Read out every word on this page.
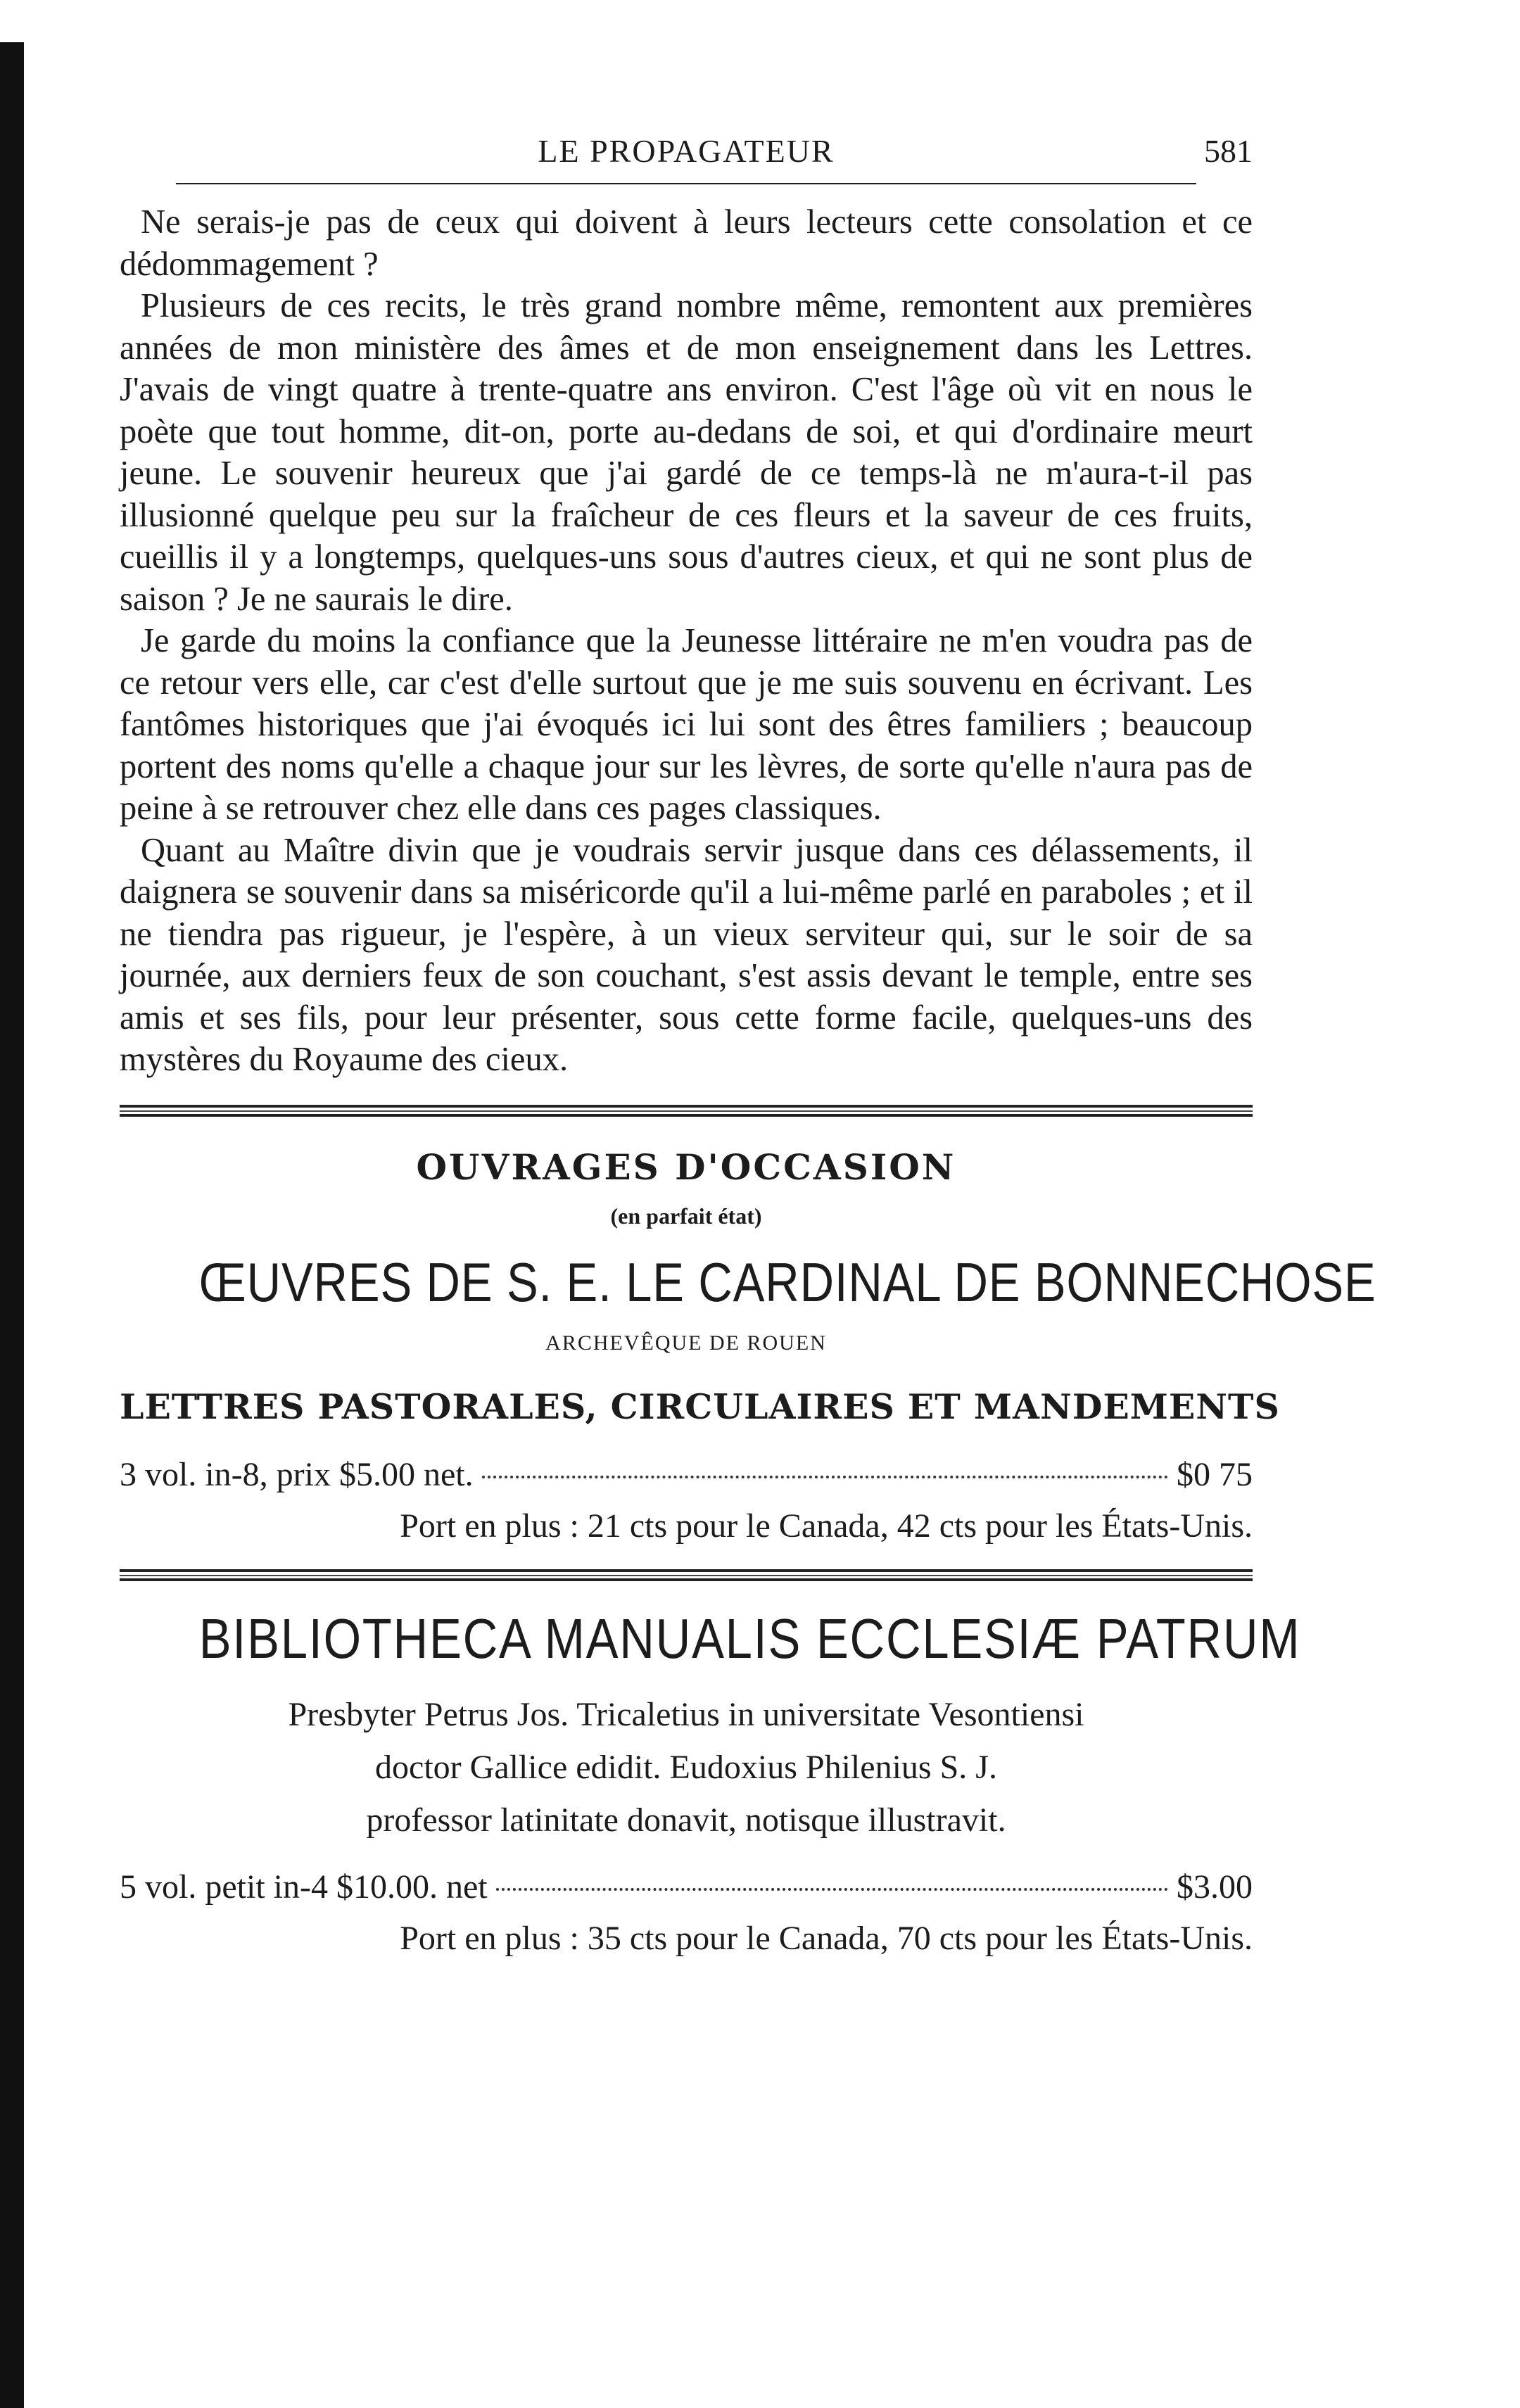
LE PROPAGATEUR	581

Ne serais-je pas de ceux qui doivent à leurs lecteurs cette consolation et ce dédommagement ?

Plusieurs de ces recits, le très grand nombre même, remontent aux premières années de mon ministère des âmes et de mon enseignement dans les Lettres. J'avais de vingt quatre à trente-quatre ans environ. C'est l'âge où vit en nous le poète que tout homme, dit-on, porte au-dedans de soi, et qui d'ordinaire meurt jeune. Le souvenir heureux que j'ai gardé de ce temps-là ne m'aura-t-il pas illusionné quelque peu sur la fraîcheur de ces fleurs et la saveur de ces fruits, cueillis il y a longtemps, quelques-uns sous d'autres cieux, et qui ne sont plus de saison ? Je ne saurais le dire.

Je garde du moins la confiance que la Jeunesse littéraire ne m'en voudra pas de ce retour vers elle, car c'est d'elle surtout que je me suis souvenu en écrivant. Les fantômes historiques que j'ai évoqués ici lui sont des êtres familiers ; beaucoup portent des noms qu'elle a chaque jour sur les lèvres, de sorte qu'elle n'aura pas de peine à se retrouver chez elle dans ces pages classiques.

Quant au Maître divin que je voudrais servir jusque dans ces délassements, il daignera se souvenir dans sa miséricorde qu'il a lui-même parlé en paraboles ; et il ne tiendra pas rigueur, je l'espère, à un vieux serviteur qui, sur le soir de sa journée, aux derniers feux de son couchant, s'est assis devant le temple, entre ses amis et ses fils, pour leur présenter, sous cette forme facile, quelques-uns des mystères du Royaume des cieux.

OUVRAGES D'OCCASION
(en parfait état)
ŒUVRES DE S. E. LE CARDINAL DE BONNECHOSE
ARCHEVÊQUE DE ROUEN
LETTRES PASTORALES, CIRCULAIRES ET MANDEMENTS
3 vol. in-8, prix $5.00 net.	$0 75
Port en plus : 21 cts pour le Canada, 42 cts pour les États-Unis.
BIBLIOTHECA MANUALIS ECCLESIÆ PATRUM
Presbyter Petrus Jos. Tricaletius in universitate Vesontiensi
doctor Gallice edidit. Eudoxius Philenius S. J.
professor latinitate donavit, notisque illustravit.
5 vol. petit in-4 $10.00. net	$3.00
Port en plus : 35 cts pour le Canada, 70 cts pour les États-Unis.
